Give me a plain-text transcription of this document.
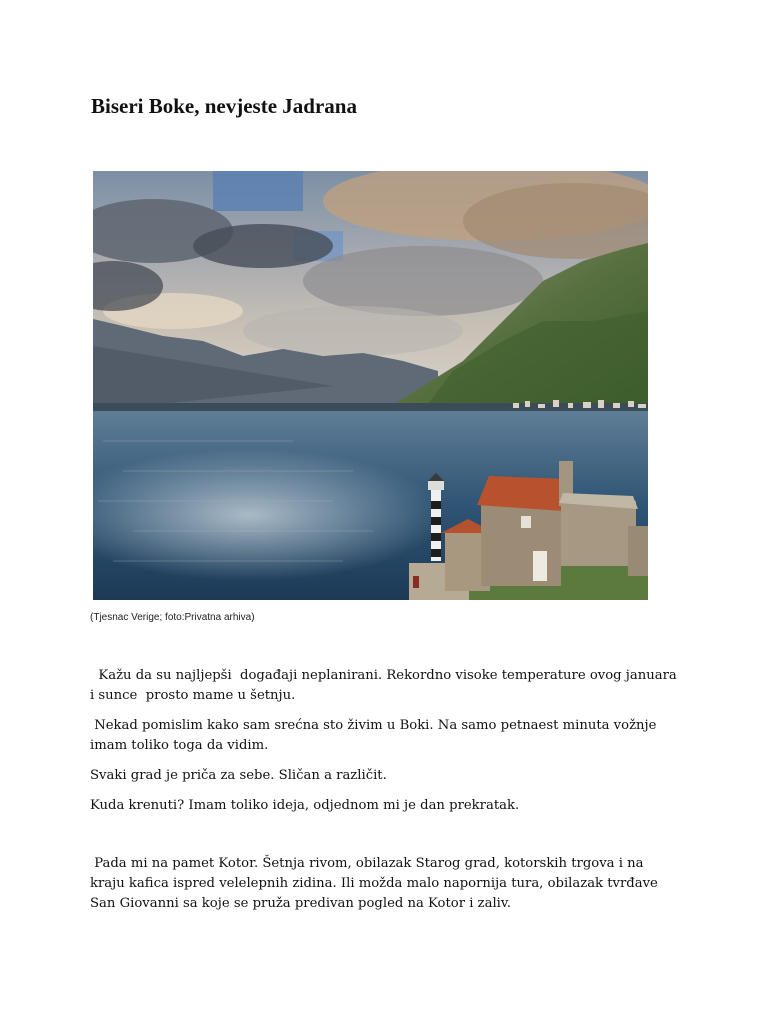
Biseri Boke, nevjeste Jadrana

(Tjesnac Verige; foto:Privatna arhiva)

Kažu da su najljepši  događaji neplanirani. Rekordno visoke temperature ovog januara i sunce  prosto mame u šetnju.

Nekad pomislim kako sam srećna sto živim u Boki. Na samo petnaest minuta vožnje imam toliko toga da vidim.

Svaki grad je priča za sebe. Sličan a različit.

Kuda krenuti? Imam toliko ideja, odjednom mi je dan prekratak.

Pada mi na pamet Kotor. Šetnja rivom, obilazak Starog grad, kotorskih trgova i na kraju kafica ispred velelepnih zidina. Ili možda malo napornija tura, obilazak tvrđave San Giovanni sa koje se pruža predivan pogled na Kotor i zaliv.
